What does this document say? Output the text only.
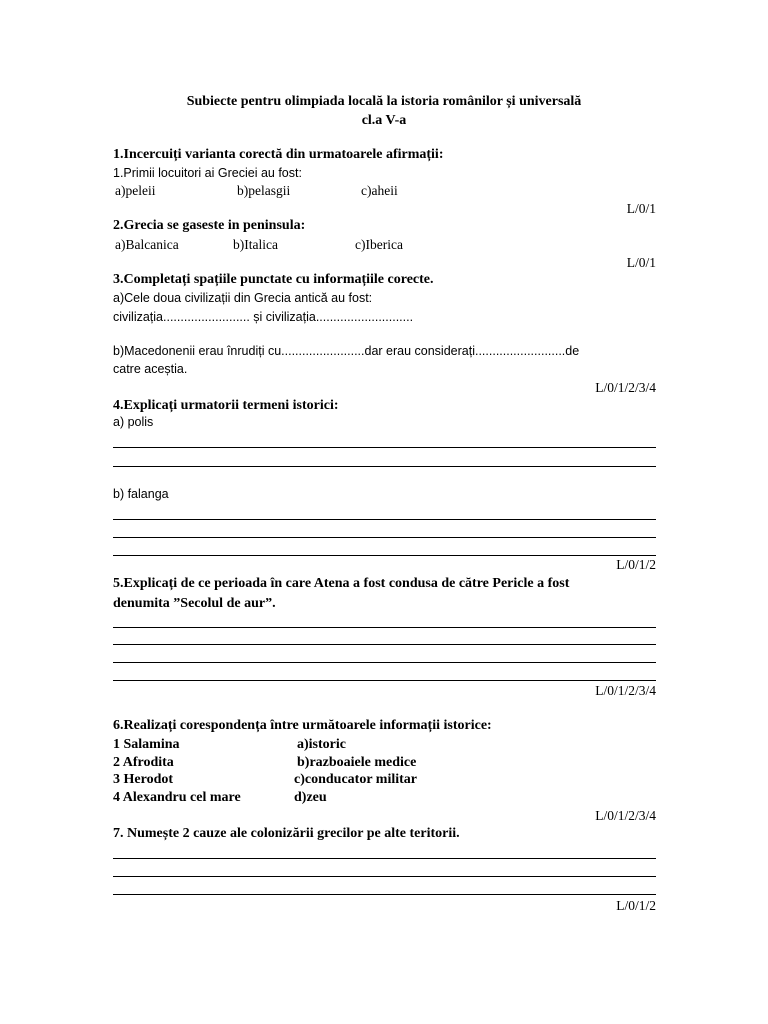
Subiecte pentru olimpiada locală la istoria românilor și universală
cl.a V-a
1.Incercuiți varianta corectă din urmatoarele afirmații:
1.Primii locuitori ai Greciei au fost:
a)peleii	b)pelasgii	c)aheii
L/0/1
2.Grecia se gaseste in peninsula:
a)Balcanica	b)Italica	c)Iberica
L/0/1
3.Completați spațiile punctate cu informațiile corecte.
a)Cele doua civilizații din Grecia antică au fost:
civilizația......................... și civilizația............................
b)Macedonenii erau înrudiți cu........................dar erau considerați..........................de
catre aceștia.
L/0/1/2/3/4
4.Explicați urmatorii termeni istorici:
a) polis
b) falanga
L/0/1/2
5.Explicați de ce perioada în care Atena a fost condusa de către Pericle a fost
denumita ”Secolul de aur”.
L/0/1/2/3/4
6.Realizați corespondența între următoarele informații istorice:
1 Salamina	a)istoric
2 Afrodita	b)razboaiele medice
3 Herodot	c)conducator militar
4 Alexandru cel mare	d)zeu
L/0/1/2/3/4
7. Numește 2 cauze ale colonizării grecilor pe alte teritorii.
L/0/1/2
